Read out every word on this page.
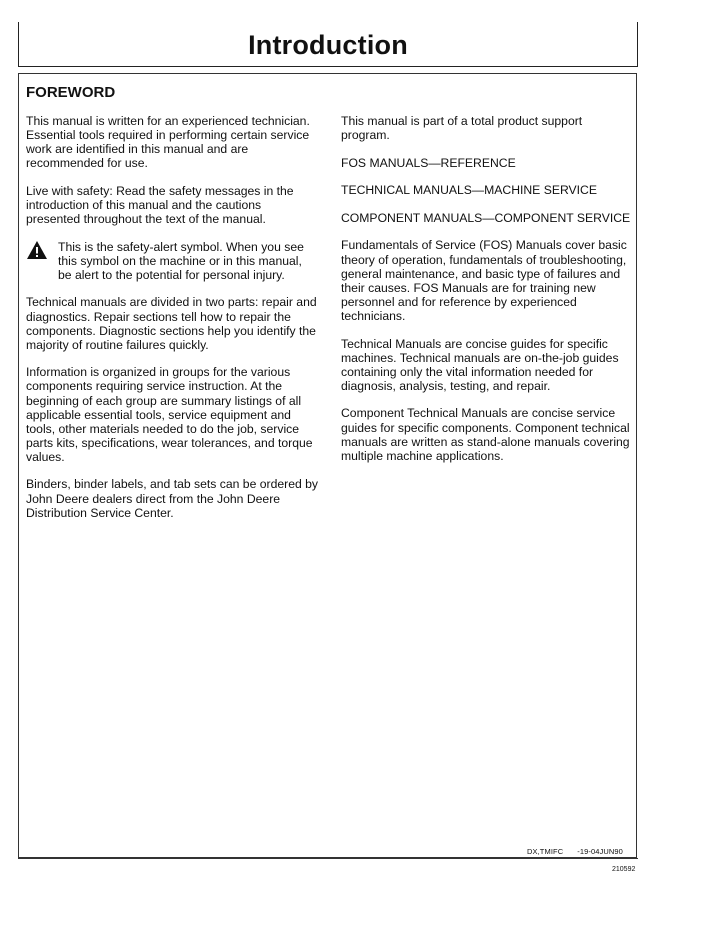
Introduction
FOREWORD

This manual is written for an experienced technician. Essential tools required in performing certain service work are identified in this manual and are recommended for use.

Live with safety: Read the safety messages in the introduction of this manual and the cautions presented throughout the text of the manual.

This is the safety-alert symbol. When you see this symbol on the machine or in this manual, be alert to the potential for personal injury.

Technical manuals are divided in two parts: repair and diagnostics. Repair sections tell how to repair the components. Diagnostic sections help you identify the majority of routine failures quickly.

Information is organized in groups for the various components requiring service instruction. At the beginning of each group are summary listings of all applicable essential tools, service equipment and tools, other materials needed to do the job, service parts kits, specifications, wear tolerances, and torque values.

Binders, binder labels, and tab sets can be ordered by John Deere dealers direct from the John Deere Distribution Service Center.

This manual is part of a total product support program.

FOS MANUALS—REFERENCE

TECHNICAL MANUALS—MACHINE SERVICE

COMPONENT MANUALS—COMPONENT SERVICE

Fundamentals of Service (FOS) Manuals cover basic theory of operation, fundamentals of troubleshooting, general maintenance, and basic type of failures and their causes. FOS Manuals are for training new personnel and for reference by experienced technicians.

Technical Manuals are concise guides for specific machines. Technical manuals are on-the-job guides containing only the vital information needed for diagnosis, analysis, testing, and repair.

Component Technical Manuals are concise service guides for specific components. Component technical manuals are written as stand-alone manuals covering multiple machine applications.

DX,TMIFC -19-04JUN90
210592
